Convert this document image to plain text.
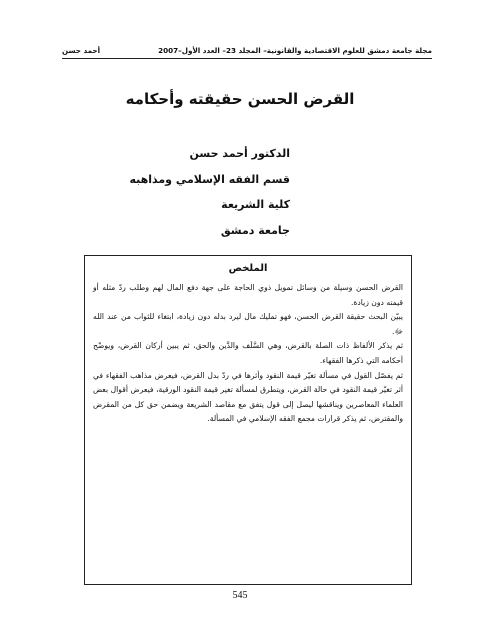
مجلة جامعة دمشق للعلوم الاقتصادية والقانونية– المجلد 23– العدد الأول–2007
أحمد حسن
القرض الحسن حقيقته وأحكامه
الدكتور أحمد حسن
قسم الفقه الإسلامي ومذاهبه
كلية الشريعة
جامعة دمشق
الملخص

القرض الحسن وسيلة من وسائل تمويل ذوي الحاجة على جهة دفع المال لهم وطلب ردّ مثله أو قيمته دون زيادة.

يبيّن البحث حقيقة القرض الحسن، فهو تمليك مال ليرد بدله دون زيادة، ابتغاء للثواب من عند الله ﷻ.

ثم يذكر الألفاظ ذات الصلة بالقرض، وهي السَّلَف والدَّين والحق، ثم يبين أركان القرض، ويوضّح أحكامه التي ذكرها الفقهاء.

ثم يفصّل القول في مسألة تغيّر قيمة النقود وأثرها في ردّ بدل القرض، فيعرض مذاهب الفقهاء في أثر تغيّر قيمة النقود في حالة القرض، ويتطرق لمسألة تغير قيمة النقود الورقية، فيعرض أقوال بعض العلماء المعاصرين ويناقشها ليصل إلى قول يتفق مع مقاصد الشريعة ويضمن حق كل من المقرض والمقترض، ثم يذكر قرارات مجمع الفقه الإسلامي في المسألة.

545
